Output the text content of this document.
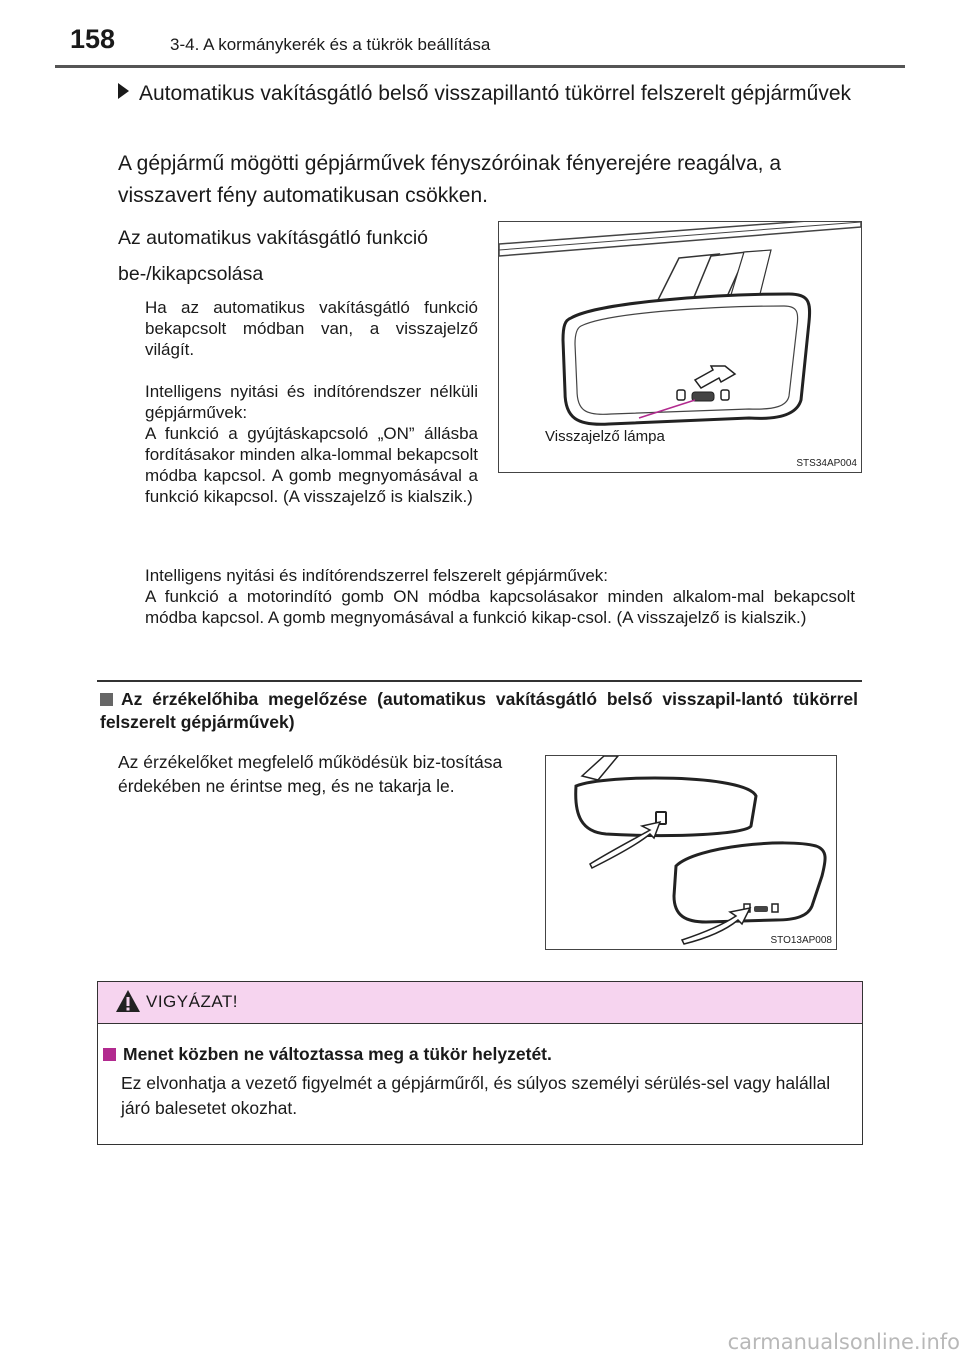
158	3-4. A kormánykerék és a tükrök beállítása
Automatikus vakításgátló belső visszapillantó tükörrel felszerelt gépjárművek
A gépjármű mögötti gépjárművek fényszóróinak fényerejére reagálva, a visszavert fény automatikusan csökken.
Az automatikus vakításgátló funkció be-/kikapcsolása
Ha az automatikus vakításgátló funkció bekapcsolt módban van, a visszajelző világít.
Intelligens nyitási és indítórendszer nélküli gépjárművek:
A funkció a gyújtáskapcsoló „ON” állásba fordításakor minden alka-lommal bekapcsolt módba kapcsol. A gomb megnyomásával a funkció kikapcsol. (A visszajelző is kialszik.)
Intelligens nyitási és indítórendszerrel felszerelt gépjárművek:
A funkció a motorindító gomb ON módba kapcsolásakor minden alkalom-mal bekapcsolt módba kapcsol. A gomb megnyomásával a funkció kikap-csol. (A visszajelző is kialszik.)
Visszajelző lámpa
STS34AP004
Az érzékelőhiba megelőzése (automatikus vakításgátló belső visszapil-lantó tükörrel felszerelt gépjárművek)
Az érzékelőket megfelelő működésük biz-tosítása érdekében ne érintse meg, és ne takarja le.
STO13AP008
VIGYÁZAT!
Menet közben ne változtassa meg a tükör helyzetét.
Ez elvonhatja a vezető figyelmét a gépjárműről, és súlyos személyi sérülés-sel vagy halállal járó balesetet okozhat.
carmanualsonline.info
